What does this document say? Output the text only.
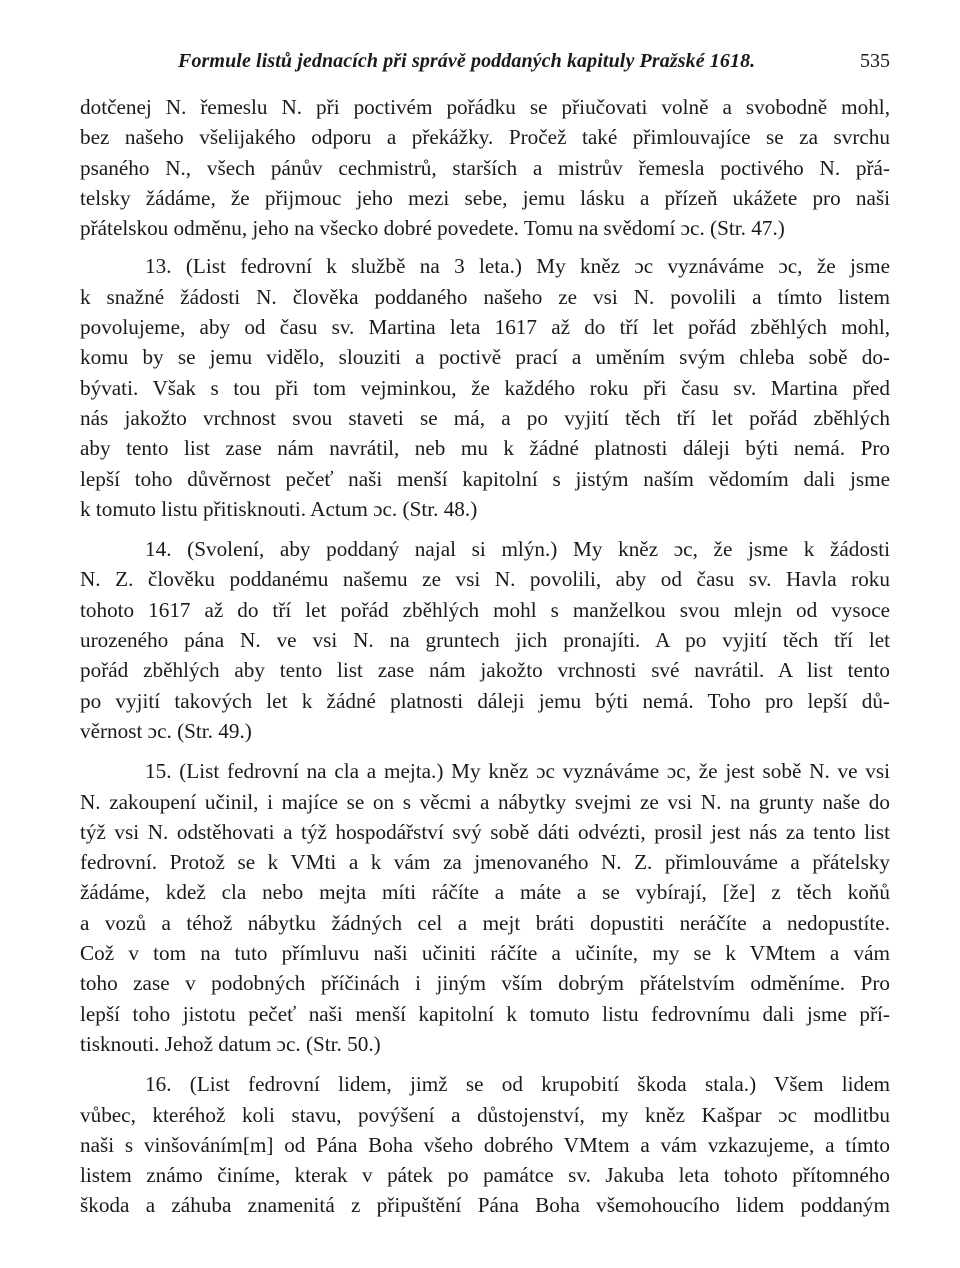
Formule listů jednacích při správě poddaných kapituly Pražské 1618.	535

dotčenej N. řemeslu N. při poctivém pořádku se přiučovati volně a svobodně mohl,
bez našeho všelijakého odporu a překážky. Pročež také přimlouvajíce se za svrchu
psaného N., všech pánův cechmistrů, starších a mistrův řemesla poctivého N. přá-
telsky žádáme, že přijmouc jeho mezi sebe, jemu lásku a přízeň ukážete pro naši
přátelskou odměnu, jeho na všecko dobré povedete. Tomu na svědomí ɔc. (Str. 47.)

13. (List fedrovní k službě na 3 leta.) My kněz ɔc vyznáváme ɔc, že jsme
k snažné žádosti N. člověka poddaného našeho ze vsi N. povolili a tímto listem
povolujeme, aby od času sv. Martina leta 1617 až do tří let pořád zběhlých mohl,
komu by se jemu vidělo, slouziti a poctivě prací a uměním svým chleba sobě do-
bývati. Však s tou při tom vejminkou, že každého roku při času sv. Martina před
nás jakožto vrchnost svou staveti se má, a po vyjití těch tří let pořád zběhlých
aby tento list zase nám navrátil, neb mu k žádné platnosti dáleji býti nemá. Pro
lepší toho důvěrnost pečeť naši menší kapitolní s jistým naším vědomím dali jsme
k tomuto listu přitisknouti. Actum ɔc. (Str. 48.)

14. (Svolení, aby poddaný najal si mlýn.) My kněz ɔc, že jsme k žádosti
N. Z. člověku poddanému našemu ze vsi N. povolili, aby od času sv. Havla roku
tohoto 1617 až do tří let pořád zběhlých mohl s manželkou svou mlejn od vysoce
urozeného pána N. ve vsi N. na gruntech jich pronajíti. A po vyjití těch tří let
pořád zběhlých aby tento list zase nám jakožto vrchnosti své navrátil. A list tento
po vyjití takových let k žádné platnosti dáleji jemu býti nemá. Toho pro lepší dů-
věrnost ɔc. (Str. 49.)

15. (List fedrovní na cla a mejta.) My kněz ɔc vyznáváme ɔc, že jest sobě N. ve vsi
N. zakoupení učinil, i majíce se on s věcmi a nábytky svejmi ze vsi N. na grunty naše do
týž vsi N. odstěhovati a týž hospodářství svý sobě dáti odvézti, prosil jest nás za tento list
fedrovní. Protož se k VMti a k vám za jmenovaného N. Z. přimlouváme a přátelsky
žádáme, kdež cla nebo mejta míti ráčíte a máte a se vybírají, [že] z těch koňů
a vozů a téhož nábytku žádných cel a mejt bráti dopustiti neráčíte a nedopustíte.
Což v tom na tuto přímluvu naši učiniti ráčíte a učiníte, my se k VMtem a vám
toho zase v podobných příčinách i jiným vším dobrým přátelstvím odměníme. Pro
lepší toho jistotu pečeť naši menší kapitolní k tomuto listu fedrovnímu dali jsme pří-
tisknouti. Jehož datum ɔc. (Str. 50.)

16. (List fedrovní lidem, jimž se od krupobití škoda stala.) Všem lidem
vůbec, kteréhož koli stavu, povýšení a důstojenství, my kněz Kašpar ɔc modlitbu
naši s vinšováním[m] od Pána Boha všeho dobrého VMtem a vám vzkazujeme, a tímto
listem známo činíme, kterak v pátek po památce sv. Jakuba leta tohoto přítomného
škoda a záhuba znamenitá z připuštění Pána Boha všemohoucího lidem poddaným
